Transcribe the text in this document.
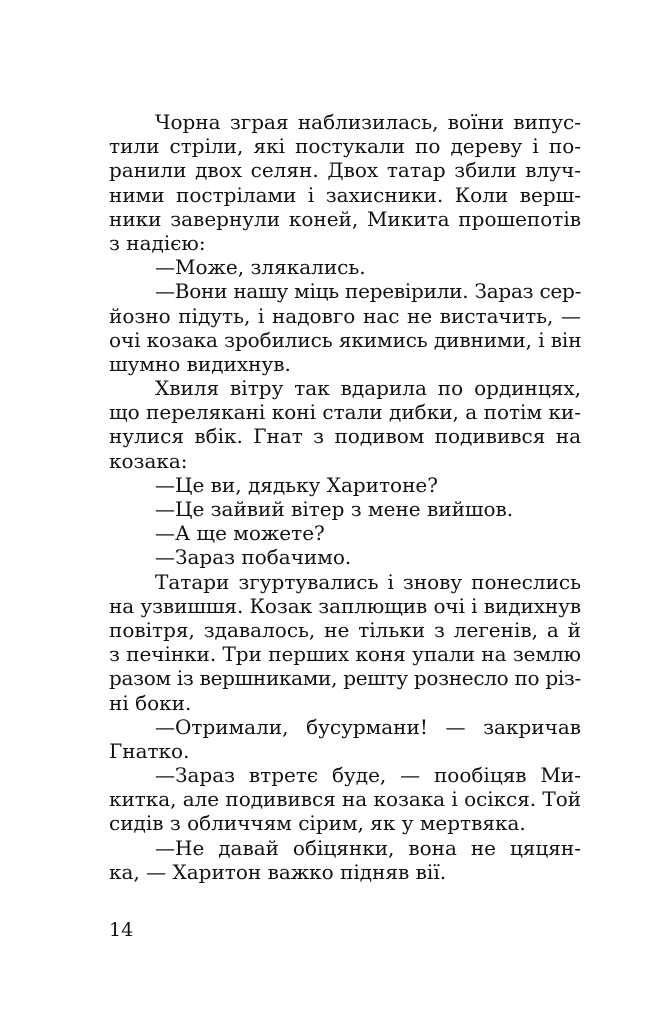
Чорна зграя наблизилась, воїни випус-
тили стріли, які постукали по дереву і по-
ранили двох селян. Двох татар збили влуч-
ними пострілами і захисники. Коли верш-
ники завернули коней, Микита прошепотів
з надією:
—Може, злякались.
—Вони нашу міць перевірили. Зараз сер-
йозно підуть, і надовго нас не вистачить, —
очі козака зробились якимись дивними, і він
шумно видихнув.
Хвиля вітру так вдарила по ординцях,
що перелякані коні стали дибки, а потім ки-
нулися вбік. Гнат з подивом подивився на
козака:
—Це ви, дядьку Харитоне?
—Це зайвий вітер з мене вийшов.
—А ще можете?
—Зараз побачимо.
Татари згуртувались і знову понеслись
на узвишшя. Козак заплющив очі і видихнув
повітря, здавалось, не тільки з легенів, а й
з печінки. Три перших коня упали на землю
разом із вершниками, решту рознесло по різ-
ні боки.
—Отримали, бусурмани! — закричав
Гнатко.
—Зараз втретє буде, — пообіцяв Ми-
китка, але подивився на козака і осікся. Той
сидів з обличчям сірим, як у мертвяка.
—Не давай обіцянки, вона не цяцян-
ка, — Харитон важко підняв вії.
14
